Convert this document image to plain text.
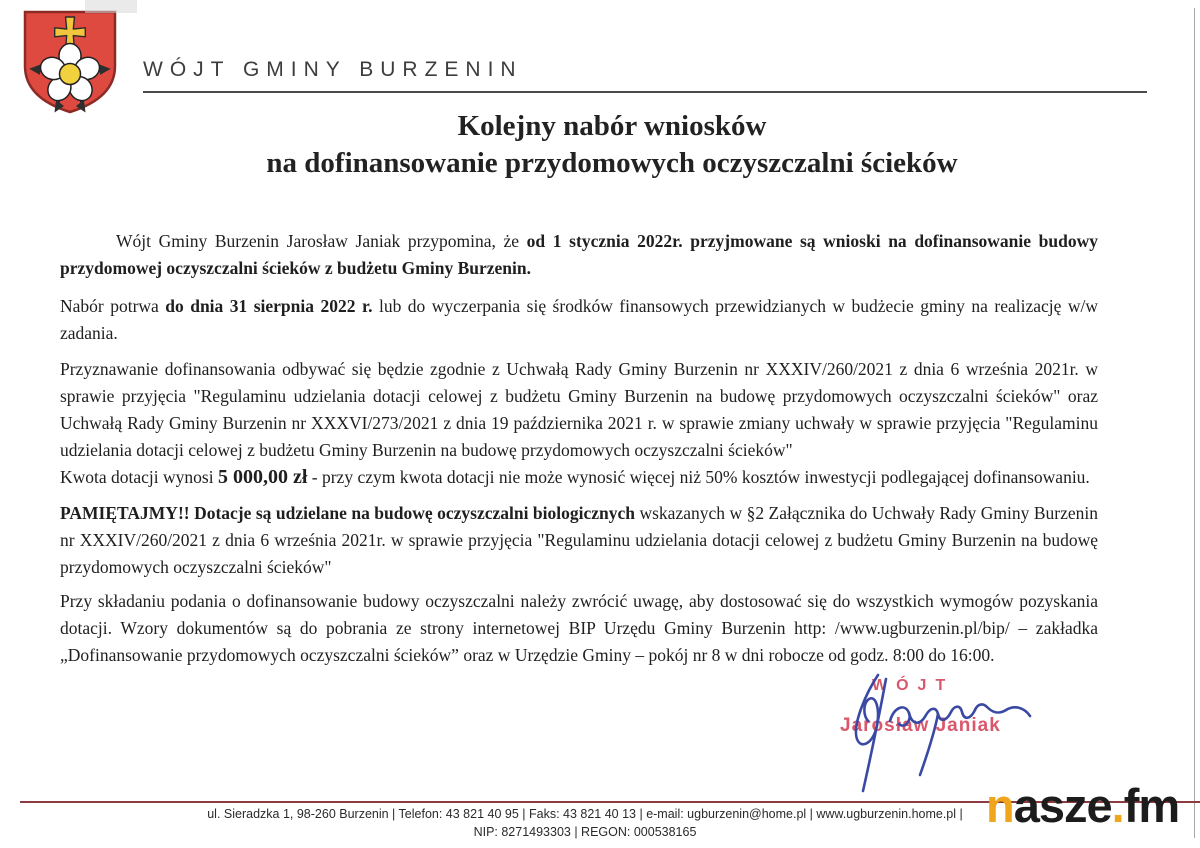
WÓJT GMINY BURZENIN
Kolejny nabór wniosków
na dofinansowanie przydomowych oczyszczalni ścieków

Wójt Gminy Burzenin Jarosław Janiak przypomina, że od 1 stycznia 2022r. przyjmowane są wnioski na dofinansowanie budowy przydomowej oczyszczalni ścieków z budżetu Gminy Burzenin.

Nabór potrwa do dnia 31 sierpnia 2022 r. lub do wyczerpania się środków finansowych przewidzianych w budżecie gminy na realizację w/w zadania.

Przyznawanie dofinansowania odbywać się będzie zgodnie z Uchwałą Rady Gminy Burzenin nr XXXIV/260/2021 z dnia 6 września 2021r. w sprawie przyjęcia "Regulaminu udzielania dotacji celowej z budżetu Gminy Burzenin na budowę przydomowych oczyszczalni ścieków" oraz Uchwałą Rady Gminy Burzenin nr XXXVI/273/2021 z dnia 19 października 2021 r. w sprawie zmiany uchwały w sprawie przyjęcia "Regulaminu udzielania dotacji celowej z budżetu Gminy Burzenin na budowę przydomowych oczyszczalni ścieków"
Kwota dotacji wynosi 5 000,00 zł - przy czym kwota dotacji nie może wynosić więcej niż 50% kosztów inwestycji podlegającej dofinansowaniu.

PAMIĘTAJMY!! Dotacje są udzielane na budowę oczyszczalni biologicznych wskazanych w §2 Załącznika do Uchwały Rady Gminy Burzenin nr XXXIV/260/2021 z dnia 6 września 2021r. w sprawie przyjęcia "Regulaminu udzielania dotacji celowej z budżetu Gminy Burzenin na budowę przydomowych oczyszczalni ścieków"

Przy składaniu podania o dofinansowanie budowy oczyszczalni należy zwrócić uwagę, aby dostosować się do wszystkich wymogów pozyskania dotacji. Wzory dokumentów są do pobrania ze strony internetowej BIP Urzędu Gminy Burzenin http: /www.ugburzenin.pl/bip/ – zakładka „Dofinansowanie przydomowych oczyszczalni ścieków” oraz w Urzędzie Gminy – pokój nr 8 w dni robocze od godz. 8:00 do 16:00.

WÓJT
Jarosław Janiak
ul. Sieradzka 1, 98-260 Burzenin | Telefon: 43 821 40 95 | Faks: 43 821 40 13 | e-mail: ugburzenin@home.pl | www.ugburzenin.home.pl |
NIP: 8271493303 | REGON: 000538165	nasze.fm
